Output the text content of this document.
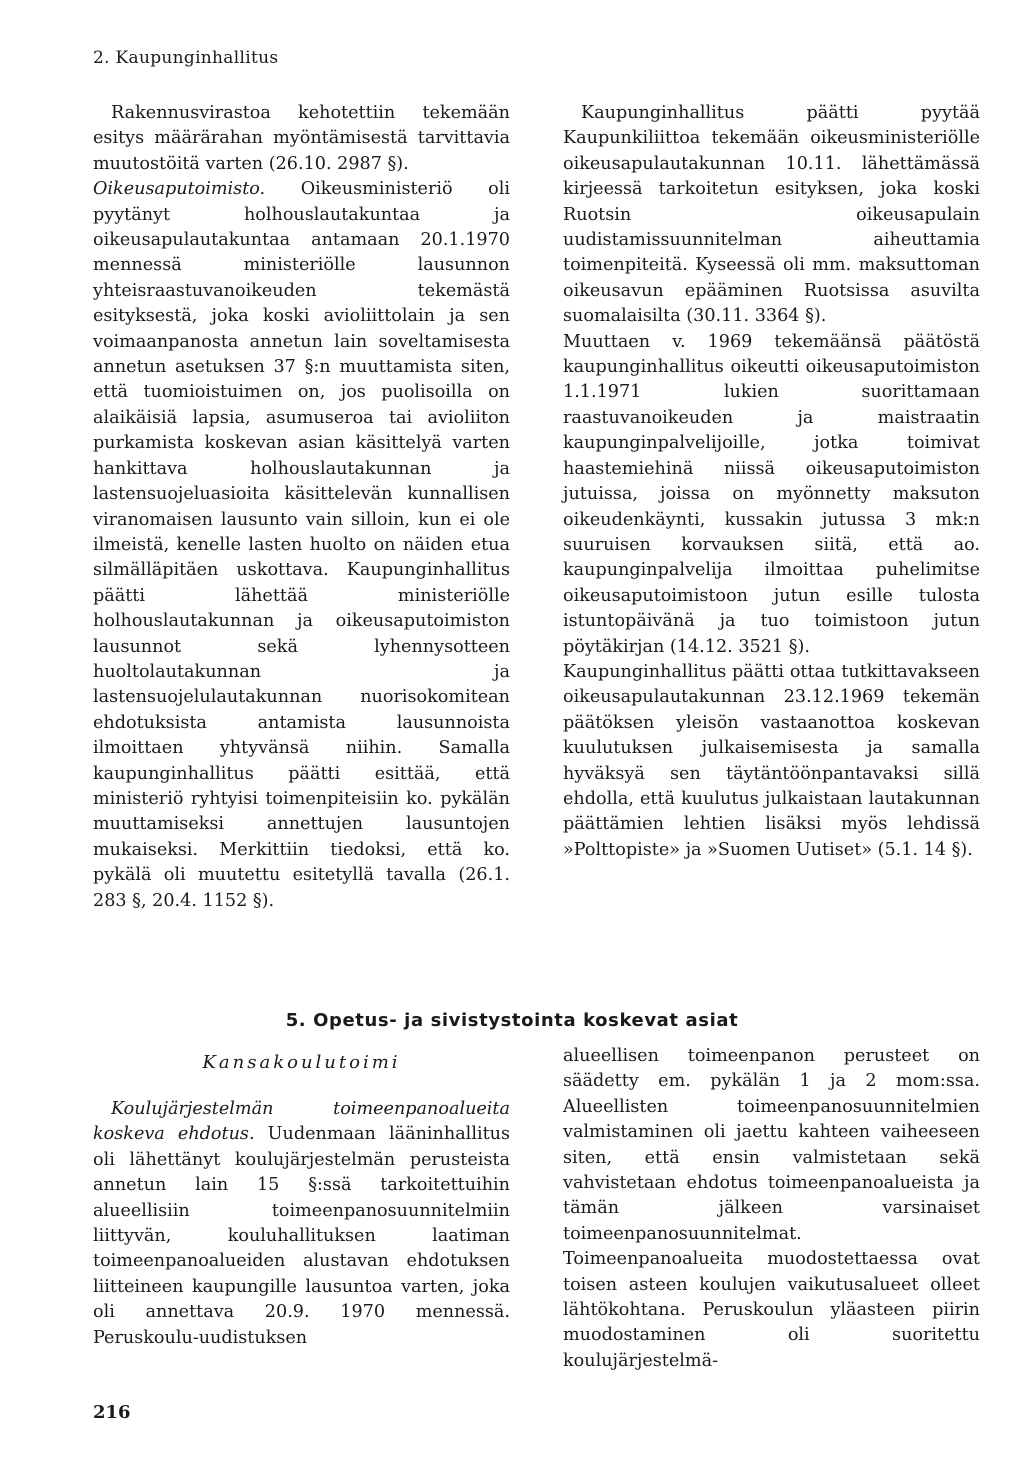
2. Kaupunginhallitus

Rakennusvirastoa kehotettiin tekemään esitys määrärahan myöntämisestä tarvittavia muutostöitä varten (26.10. 2987 §).

Oikeusaputoimisto. Oikeusministeriö oli pyytänyt holhouslautakuntaa ja oikeusapulautakuntaa antamaan 20.1.1970 mennessä ministeriölle lausunnon yhteisraastuvanoikeuden tekemästä esityksestä, joka koski avioliittolain ja sen voimaanpanosta annetun lain soveltamisesta annetun asetuksen 37 §:n muuttamista siten, että tuomioistuimen on, jos puolisoilla on alaikäisiä lapsia, asumuseroa tai avioliiton purkamista koskevan asian käsittelyä varten hankittava holhouslautakunnan ja lastensuojeluasioita käsittelevän kunnallisen viranomaisen lausunto vain silloin, kun ei ole ilmeistä, kenelle lasten huolto on näiden etua silmälläpitäen uskottava. Kaupunginhallitus päätti lähettää ministeriölle holhouslautakunnan ja oikeusaputoimiston lausunnot sekä lyhennysotteen huoltolautakunnan ja lastensuojelulautakunnan nuorisokomitean ehdotuksista antamista lausunnoista ilmoittaen yhtyvänsä niihin. Samalla kaupunginhallitus päätti esittää, että ministeriö ryhtyisi toimenpiteisiin ko. pykälän muuttamiseksi annettujen lausuntojen mukaiseksi. Merkittiin tiedoksi, että ko. pykälä oli muutettu esitetyllä tavalla (26.1. 283 §, 20.4. 1152 §).

Kaupunginhallitus päätti pyytää Kaupunkiliittoa tekemään oikeusministeriölle oikeusapulautakunnan 10.11. lähettämässä kirjeessä tarkoitetun esityksen, joka koski Ruotsin oikeusapulain uudistamissuunnitelman aiheuttamia toimenpiteitä. Kyseessä oli mm. maksuttoman oikeusavun epääminen Ruotsissa asuvilta suomalaisilta (30.11. 3364 §).

Muuttaen v. 1969 tekemäänsä päätöstä kaupunginhallitus oikeutti oikeusaputoimiston 1.1.1971 lukien suorittamaan raastuvanoikeuden ja maistraatin kaupunginpalvelijoille, jotka toimivat haastemiehinä niissä oikeusaputoimiston jutuissa, joissa on myönnetty maksuton oikeudenkäynti, kussakin jutussa 3 mk:n suuruisen korvauksen siitä, että ao. kaupunginpalvelija ilmoittaa puhelimitse oikeusaputoimistoon jutun esille tulosta istuntopäivänä ja tuo toimistoon jutun pöytäkirjan (14.12. 3521 §).

Kaupunginhallitus päätti ottaa tutkittavakseen oikeusapulautakunnan 23.12.1969 tekemän päätöksen yleisön vastaanottoa koskevan kuulutuksen julkaisemisesta ja samalla hyväksyä sen täytäntöönpantavaksi sillä ehdolla, että kuulutus julkaistaan lautakunnan päättämien lehtien lisäksi myös lehdissä »Polttopiste» ja »Suomen Uutiset» (5.1. 14 §).

5. Opetus- ja sivistystointa koskevat asiat
Kansakoulutoimi

Koulujärjestelmän toimeenpanoalueita koskeva ehdotus. Uudenmaan lääninhallitus oli lähettänyt koulujärjestelmän perusteista annetun lain 15 §:ssä tarkoitettuihin alueellisiin toimeenpanosuunnitelmiin liittyvän, kouluhallituksen laatiman toimeenpanoalueiden alustavan ehdotuksen liitteineen kaupungille lausuntoa varten, joka oli annettava 20.9. 1970 mennessä. Peruskoulu-uudistuksen

alueellisen toimeenpanon perusteet on säädetty em. pykälän 1 ja 2 mom:ssa. Alueellisten toimeenpanosuunnitelmien valmistaminen oli jaettu kahteen vaiheeseen siten, että ensin valmistetaan sekä vahvistetaan ehdotus toimeenpanoalueista ja tämän jälkeen varsinaiset toimeenpanosuunnitelmat. Toimeenpanoalueita muodostettaessa ovat toisen asteen koulujen vaikutusalueet olleet lähtökohtana. Peruskoulun yläasteen piirin muodostaminen oli suoritettu koulujärjestelmä-

216
